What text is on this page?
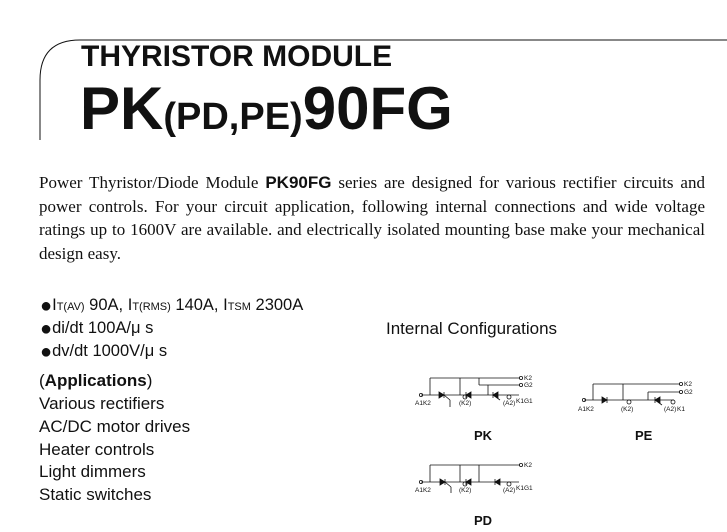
THYRISTOR MODULE
PK(PD,PE)90FG
Power Thyristor/Diode Module PK90FG series are designed for various rectifier circuits and power controls. For your circuit application, following internal connections and wide voltage ratings up to 1600V are available. and electrically isolated mounting base make your mechanical design easy.
●IT(AV) 90A, IT(RMS) 140A, ITSM 2300A
●di/dt 100A/μ s
●dv/dt 1000V/μ s
(Applications)
Various rectifiers
AC/DC motor drives
Heater controls
Light dimmers
Static switches
Internal Configurations
K2
G2
A1K2	(K2)	(A2) K1 G1
PK
K2
G2
A1K2	(K2)	(A2) K1
PE
K2
A1K2	(K2)	(A2) K1 G1
PD
